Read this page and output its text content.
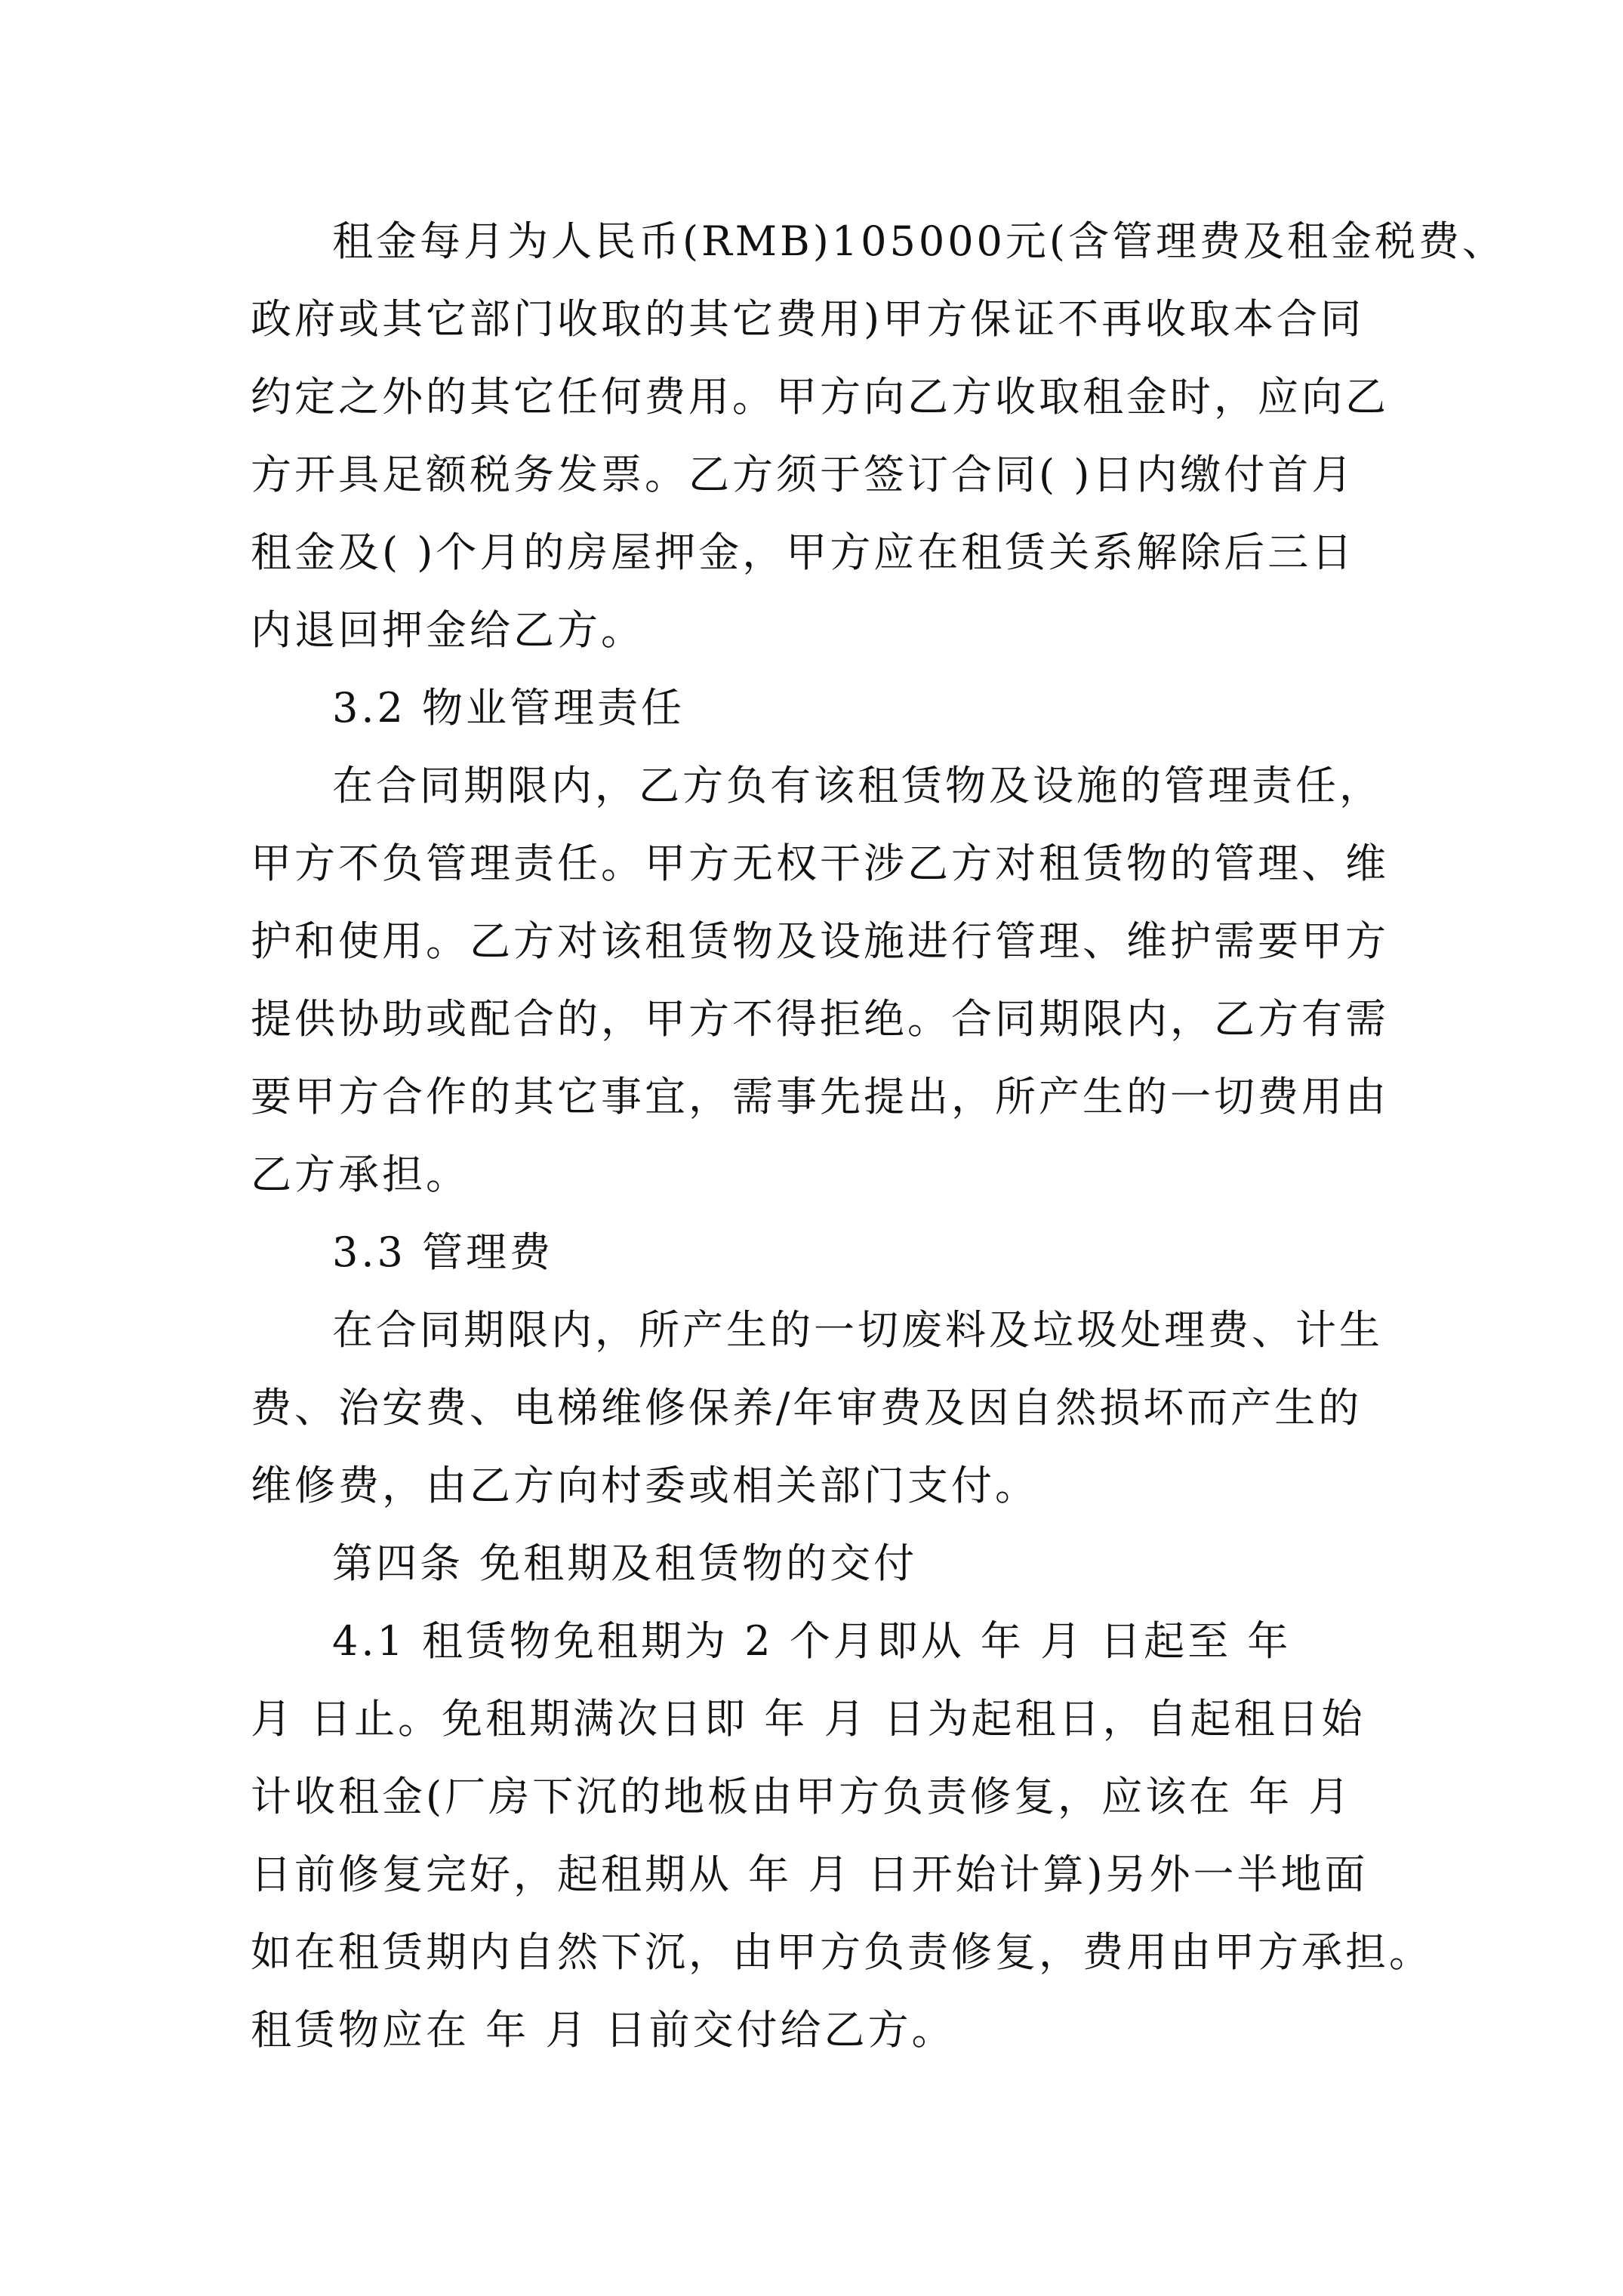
租金每月为人民币(RMB)105000元(含管理费及租金税费、
政府或其它部门收取的其它费用)甲方保证不再收取本合同
约定之外的其它任何费用。甲方向乙方收取租金时，应向乙
方开具足额税务发票。乙方须于签订合同( )日内缴付首月
租金及( )个月的房屋押金，甲方应在租赁关系解除后三日
内退回押金给乙方。
3.2 物业管理责任
在合同期限内，乙方负有该租赁物及设施的管理责任，
甲方不负管理责任。甲方无权干涉乙方对租赁物的管理、维
护和使用。乙方对该租赁物及设施进行管理、维护需要甲方
提供协助或配合的，甲方不得拒绝。合同期限内，乙方有需
要甲方合作的其它事宜，需事先提出，所产生的一切费用由
乙方承担。
3.3 管理费
在合同期限内，所产生的一切废料及垃圾处理费、计生
费、治安费、电梯维修保养/年审费及因自然损坏而产生的
维修费，由乙方向村委或相关部门支付。
第四条 免租期及租赁物的交付
4.1 租赁物免租期为 2 个月即从 年 月 日起至 年
月 日止。免租期满次日即 年 月 日为起租日，自起租日始
计收租金(厂房下沉的地板由甲方负责修复，应该在 年 月
日前修复完好，起租期从 年 月 日开始计算)另外一半地面
如在租赁期内自然下沉，由甲方负责修复，费用由甲方承担。
租赁物应在 年 月 日前交付给乙方。
